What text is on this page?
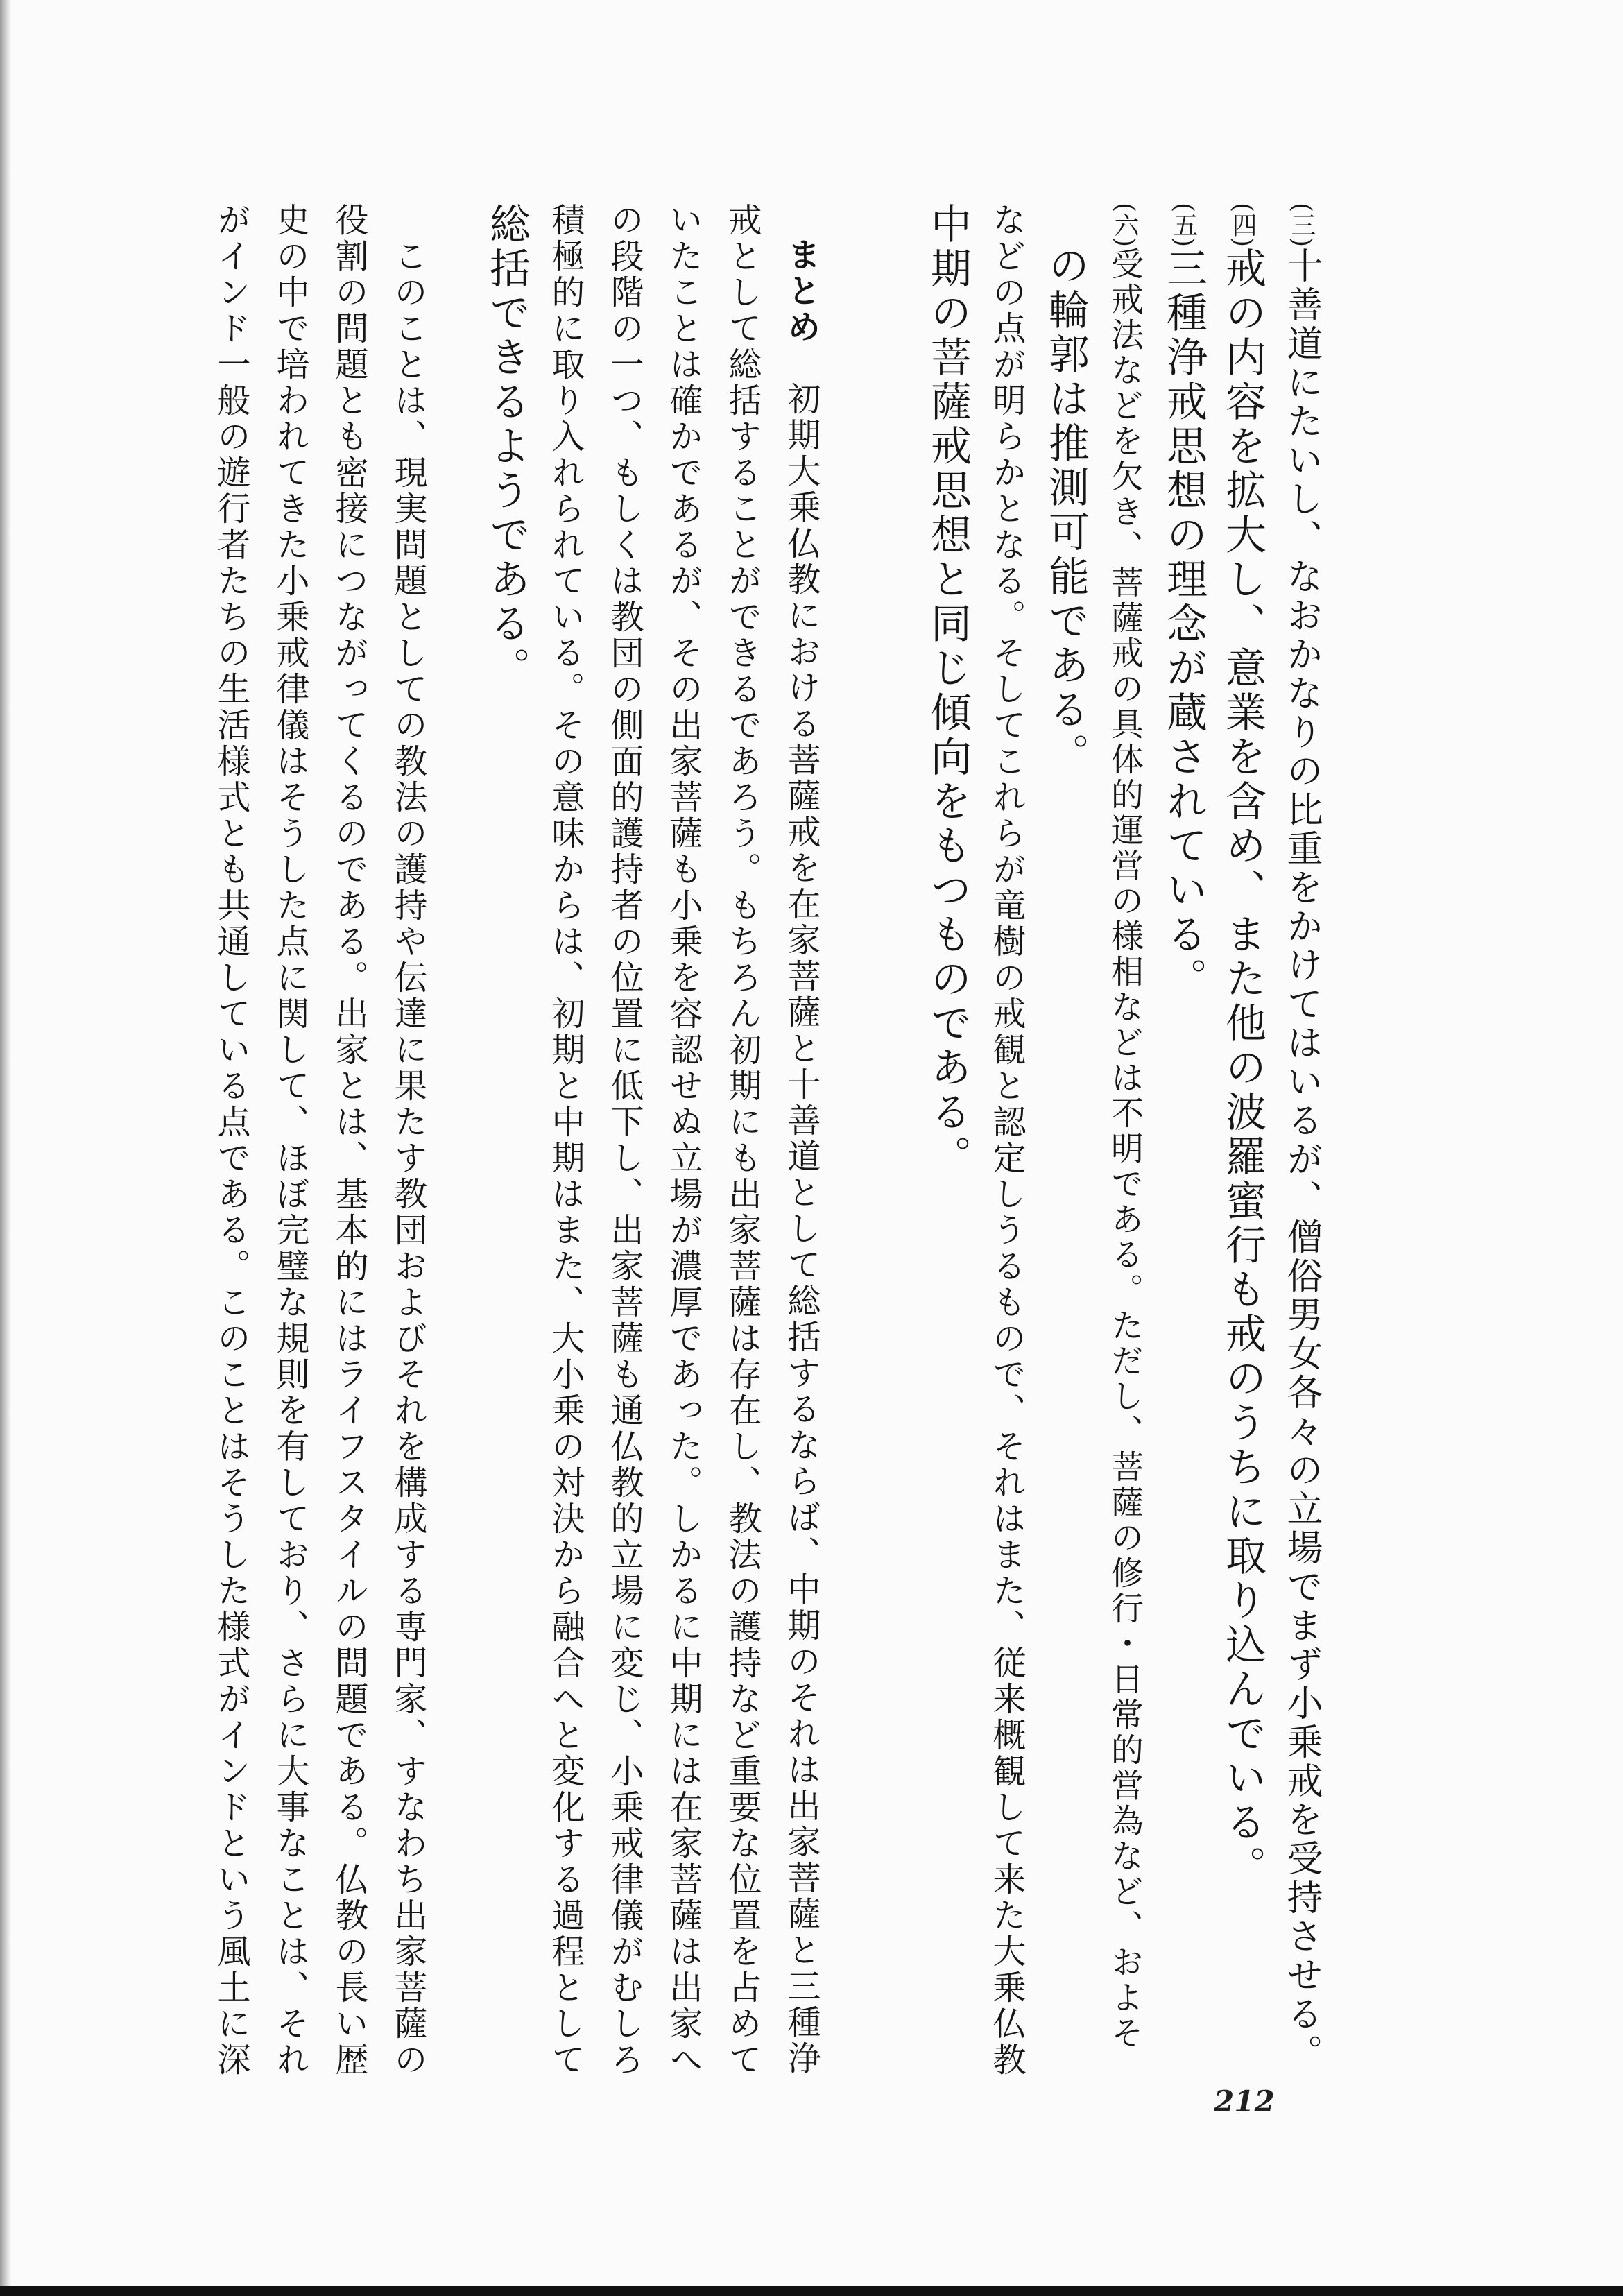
(三)十善道にたいし、なおかなりの比重をかけてはいるが、僧俗男女各々の立場でまず小乗戒を受持させる。
(四)戒の内容を拡大し、意業を含め、また他の波羅蜜行も戒のうちに取り込んでいる。
(五)三種浄戒思想の理念が蔵されている。
(六)受戒法などを欠き、菩薩戒の具体的運営の様相などは不明である。ただし、菩薩の修行・日常的営為など、およそ
の輪郭は推測可能である。
などの点が明らかとなる。そしてこれらが竜樹の戒観と認定しうるもので、それはまた、従来概観して来た大乗仏教
中期の菩薩戒思想と同じ傾向をもつものである。
まとめ　初期大乗仏教における菩薩戒を在家菩薩と十善道として総括するならば、中期のそれは出家菩薩と三種浄
戒として総括することができるであろう。もちろん初期にも出家菩薩は存在し、教法の護持など重要な位置を占めて
いたことは確かであるが、その出家菩薩も小乗を容認せぬ立場が濃厚であった。しかるに中期には在家菩薩は出家へ
の段階の一つ、もしくは教団の側面的護持者の位置に低下し、出家菩薩も通仏教的立場に変じ、小乗戒律儀がむしろ
積極的に取り入れられている。その意味からは、初期と中期はまた、大小乗の対決から融合へと変化する過程として
総括できるようである。
　このことは、現実問題としての教法の護持や伝達に果たす教団およびそれを構成する専門家、すなわち出家菩薩の
役割の問題とも密接につながってくるのである。出家とは、基本的にはライフスタイルの問題である。仏教の長い歴
史の中で培われてきた小乗戒律儀はそうした点に関して、ほぼ完璧な規則を有しており、さらに大事なことは、それ
がインド一般の遊行者たちの生活様式とも共通している点である。このことはそうした様式がインドという風土に深
212
